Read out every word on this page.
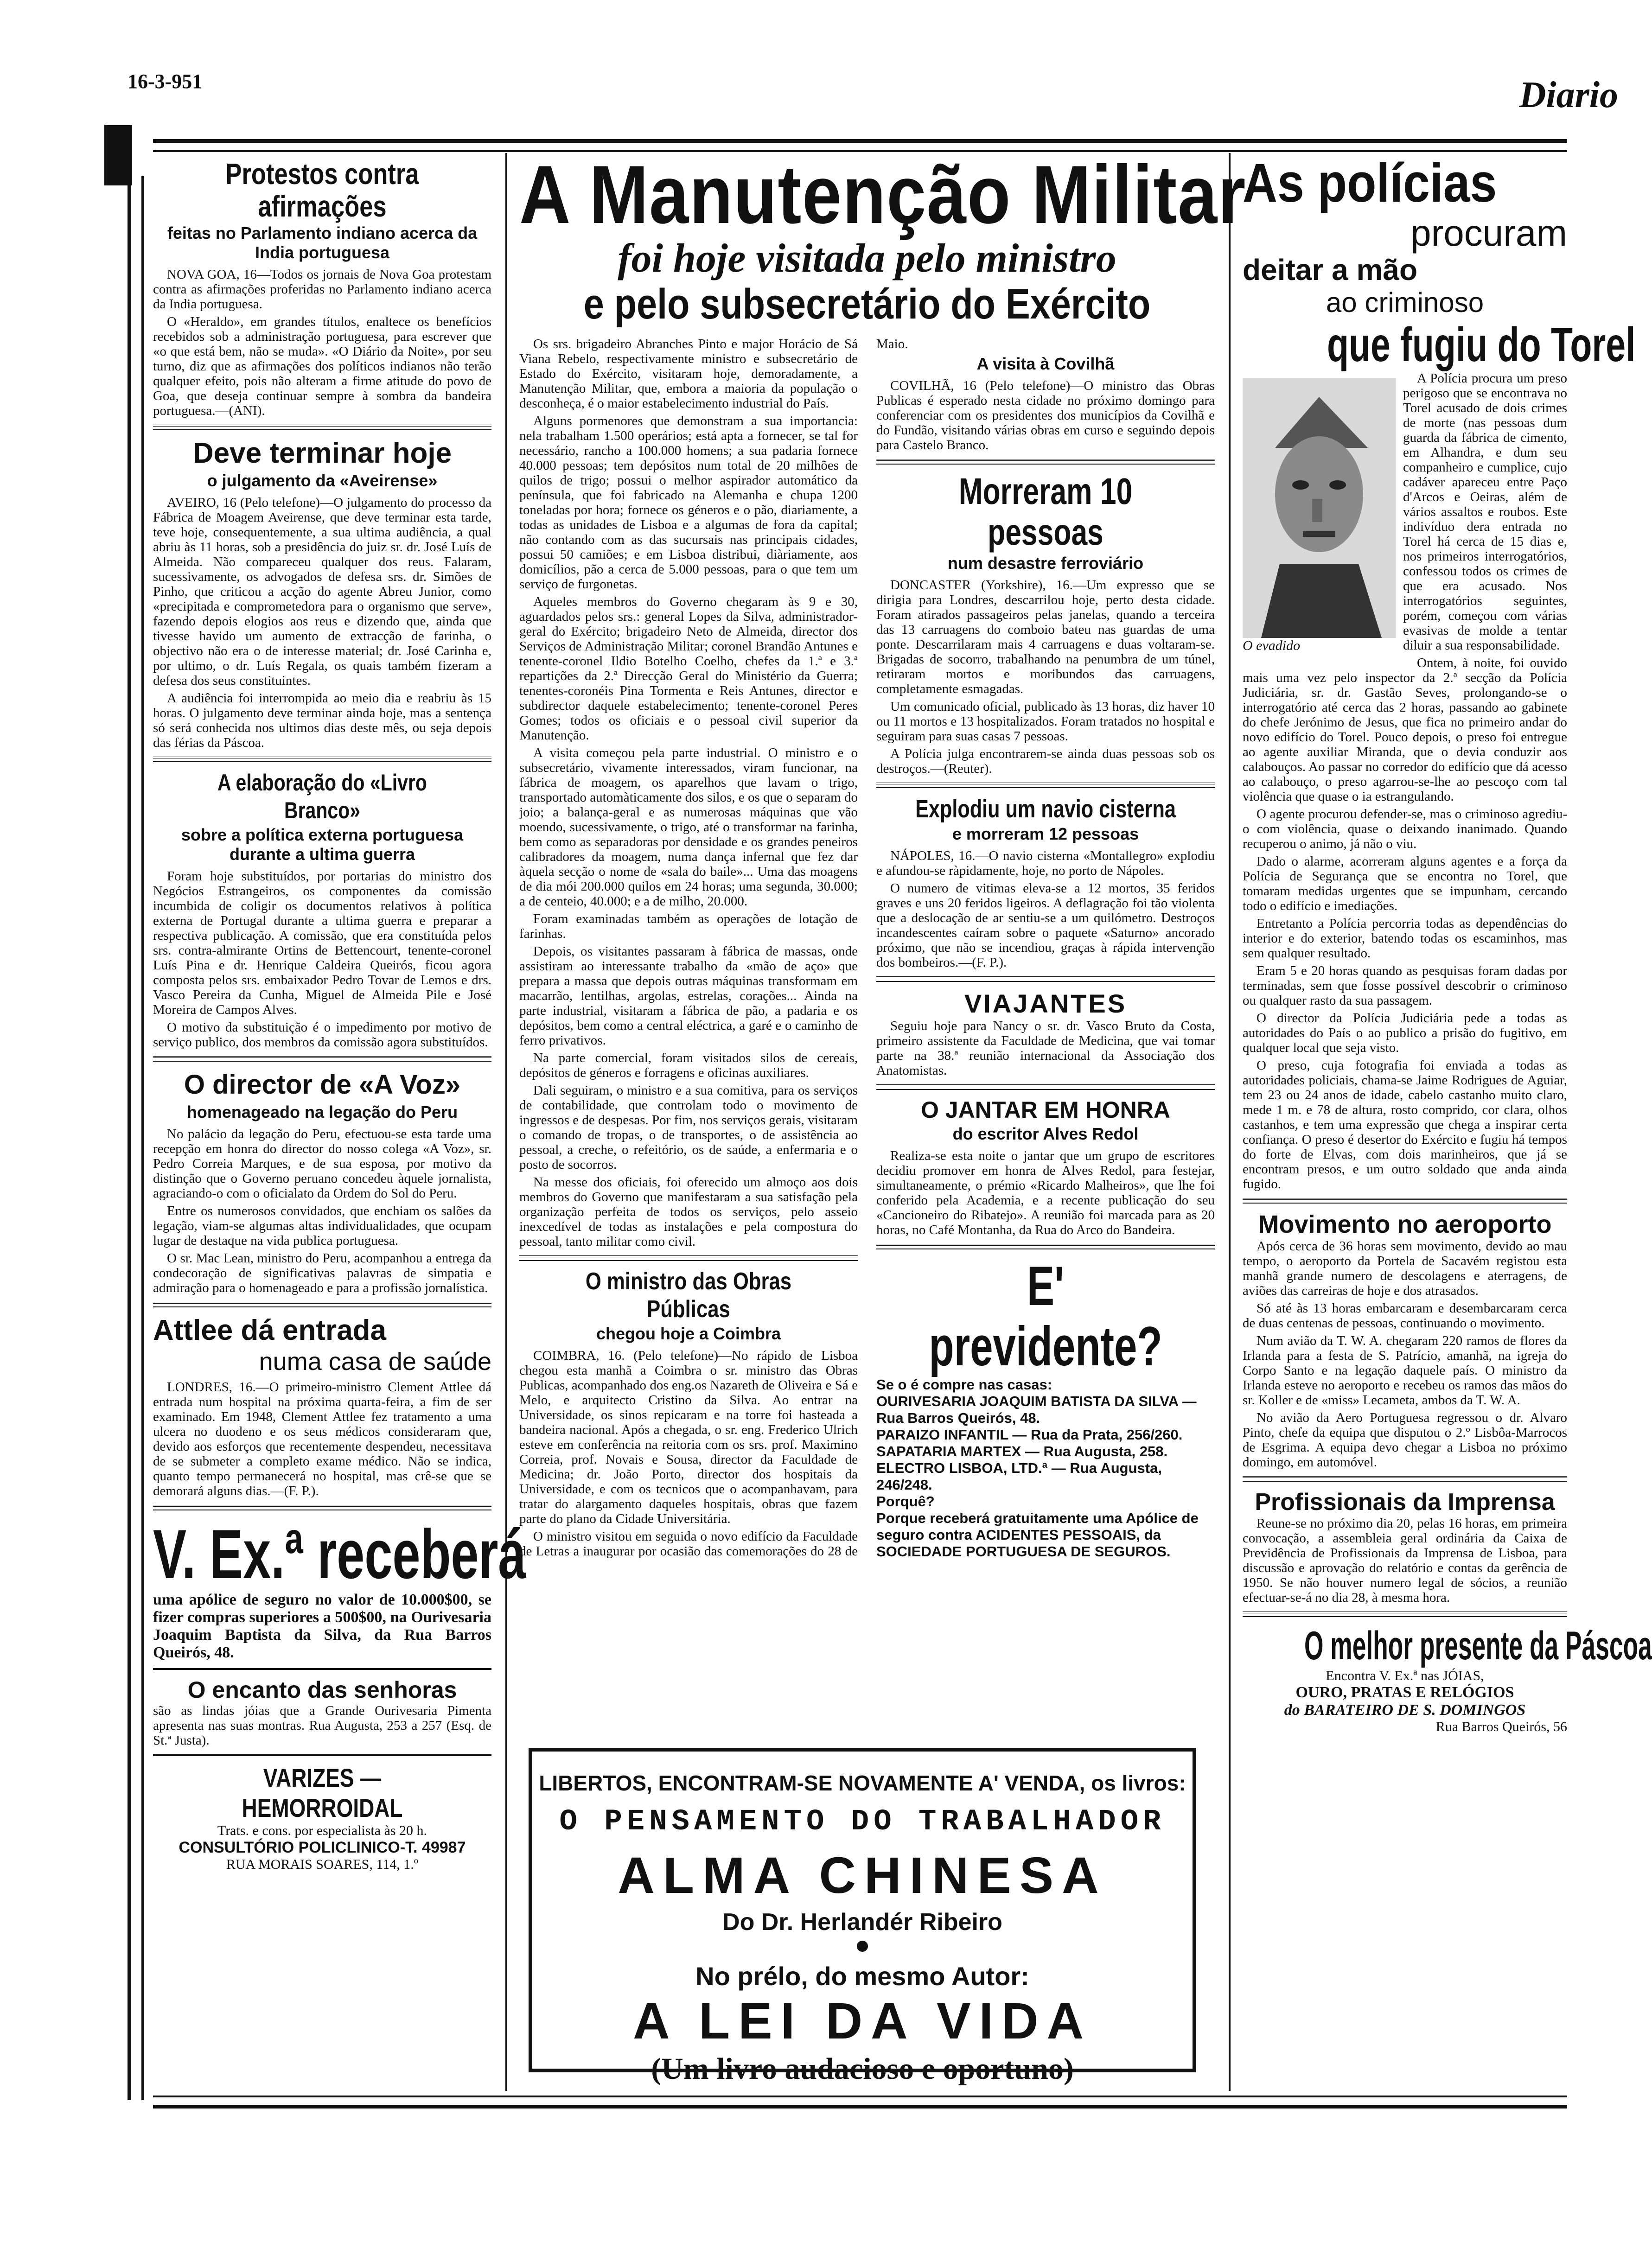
16-3-951	Diario
Protestos contra afirmações
feitas no Parlamento indiano acerca da India portuguesa

NOVA GOA, 16—Todos os jornais de Nova Goa protestam contra as afirmações proferidas no Parlamento indiano acerca da India portuguesa.

O «Heraldo», em grandes títulos, enaltece os benefícios recebidos sob a administração portuguesa, para escrever que «o que está bem, não se muda». «O Diário da Noite», por seu turno, diz que as afirmações dos políticos indianos não terão qualquer efeito, pois não alteram a firme atitude do povo de Goa, que deseja continuar sempre à sombra da bandeira portuguesa.—(ANI).

Deve terminar hoje
o julgamento da «Aveirense»

AVEIRO, 16 (Pelo telefone)—O julgamento do processo da Fábrica de Moagem Aveirense, que deve terminar esta tarde, teve hoje, consequentemente, a sua ultima audiência, a qual abriu às 11 horas, sob a presidência do juiz sr. dr. José Luís de Almeida. Não compareceu qualquer dos reus. Falaram, sucessivamente, os advogados de defesa srs. dr. Simões de Pinho, que criticou a acção do agente Abreu Junior, como «precipitada e comprometedora para o organismo que serve», fazendo depois elogios aos reus e dizendo que, ainda que tivesse havido um aumento de extracção de farinha, o objectivo não era o de interesse material; dr. José Carinha e, por ultimo, o dr. Luís Regala, os quais também fizeram a defesa dos seus constituintes.

A audiência foi interrompida ao meio dia e reabriu às 15 horas. O julgamento deve terminar ainda hoje, mas a sentença só será conhecida nos ultimos dias deste mês, ou seja depois das férias da Páscoa.

A elaboração do «Livro Branco»
sobre a política externa portuguesa durante a ultima guerra

Foram hoje substituídos, por portarias do ministro dos Negócios Estrangeiros, os componentes da comissão incumbida de coligir os documentos relativos à política externa de Portugal durante a ultima guerra e preparar a respectiva publicação. A comissão, que era constituída pelos srs. contra-almirante Ortins de Bettencourt, tenente-coronel Luís Pina e dr. Henrique Caldeira Queirós, ficou agora composta pelos srs. embaixador Pedro Tovar de Lemos e drs. Vasco Pereira da Cunha, Miguel de Almeida Pile e José Moreira de Campos Alves.

O motivo da substituição é o impedimento por motivo de serviço publico, dos membros da comissão agora substituídos.

O director de «A Voz»
homenageado na legação do Peru

No palácio da legação do Peru, efectuou-se esta tarde uma recepção em honra do director do nosso colega «A Voz», sr. Pedro Correia Marques, e de sua esposa, por motivo da distinção que o Governo peruano concedeu àquele jornalista, agraciando-o com o oficialato da Ordem do Sol do Peru.

Entre os numerosos convidados, que enchiam os salões da legação, viam-se algumas altas individualidades, que ocupam lugar de destaque na vida publica portuguesa.

O sr. Mac Lean, ministro do Peru, acompanhou a entrega da condecoração de significativas palavras de simpatia e admiração para o homenageado e para a profissão jornalística.

Attlee dá entrada
numa casa de saúde

LONDRES, 16.—O primeiro-ministro Clement Attlee dá entrada num hospital na próxima quarta-feira, a fim de ser examinado. Em 1948, Clement Attlee fez tratamento a uma ulcera no duodeno e os seus médicos consideraram que, devido aos esforços que recentemente despendeu, necessitava de se submeter a completo exame médico. Não se indica, quanto tempo permanecerá no hospital, mas crê-se que se demorará alguns dias.—(F. P.).

V. Ex.ª receberá

uma apólice de seguro no valor de 10.000$00, se fizer compras superiores a 500$00, na Ourivesaria Joaquim Baptista da Silva, da Rua Barros Queirós, 48.

O encanto das senhoras

são as lindas jóias que a Grande Ourivesaria Pimenta apresenta nas suas montras. Rua Augusta, 253 a 257 (Esq. de St.ª Justa).

VARIZES — HEMORROIDAL
Trats. e cons. por especialista às 20 h.
CONSULTÓRIO POLICLINICO-T. 49987
RUA MORAIS SOARES, 114, 1.º
A Manutenção Militar
foi hoje visitada pelo ministro
e pelo subsecretário do Exército

Os srs. brigadeiro Abranches Pinto e major Horácio de Sá Viana Rebelo, respectivamente ministro e subsecretário de Estado do Exército, visitaram hoje, demoradamente, a Manutenção Militar, que, embora a maioria da população o desconheça, é o maior estabelecimento industrial do País.

Alguns pormenores que demonstram a sua importancia: nela trabalham 1.500 operários; está apta a fornecer, se tal for necessário, rancho a 100.000 homens; a sua padaria fornece 40.000 pessoas; tem depósitos num total de 20 milhões de quilos de trigo; possui o melhor aspirador automático da península, que foi fabricado na Alemanha e chupa 1200 toneladas por hora; fornece os géneros e o pão, diariamente, a todas as unidades de Lisboa e a algumas de fora da capital; não contando com as das sucursais nas principais cidades, possui 50 camiões; e em Lisboa distribui, diàriamente, aos domicílios, pão a cerca de 5.000 pessoas, para o que tem um serviço de furgonetas.

Aqueles membros do Governo chegaram às 9 e 30, aguardados pelos srs.: general Lopes da Silva, administrador-geral do Exército; brigadeiro Neto de Almeida, director dos Serviços de Administração Militar; coronel Brandão Antunes e tenente-coronel Ildio Botelho Coelho, chefes da 1.ª e 3.ª repartições da 2.ª Direcção Geral do Ministério da Guerra; tenentes-coronéis Pina Tormenta e Reis Antunes, director e subdirector daquele estabelecimento; tenente-coronel Peres Gomes; todos os oficiais e o pessoal civil superior da Manutenção.

A visita começou pela parte industrial. O ministro e o subsecretário, vivamente interessados, viram funcionar, na fábrica de moagem, os aparelhos que lavam o trigo, transportado automàticamente dos silos, e os que o separam do joio; a balança-geral e as numerosas máquinas que vão moendo, sucessivamente, o trigo, até o transformar na farinha, bem como as separadoras por densidade e os grandes peneiros calibradores da moagem, numa dança infernal que fez dar àquela secção o nome de «sala do baile»... Uma das moagens de dia mói 200.000 quilos em 24 horas; uma segunda, 30.000; a de centeio, 40.000; e a de milho, 20.000.

Foram examinadas também as operações de lotação de farinhas.

Depois, os visitantes passaram à fábrica de massas, onde assistiram ao interessante trabalho da «mão de aço» que prepara a massa que depois outras máquinas transformam em macarrão, lentilhas, argolas, estrelas, corações... Ainda na parte industrial, visitaram a fábrica de pão, a padaria e os depósitos, bem como a central eléctrica, a garé e o caminho de ferro privativos.

Na parte comercial, foram visitados silos de cereais, depósitos de géneros e forragens e oficinas auxiliares.

Dali seguiram, o ministro e a sua comitiva, para os serviços de contabilidade, que controlam todo o movimento de ingressos e de despesas. Por fim, nos serviços gerais, visitaram o comando de tropas, o de transportes, o de assistência ao pessoal, a creche, o refeitório, os de saúde, a enfermaria e o posto de socorros.

Na messe dos oficiais, foi oferecido um almoço aos dois membros do Governo que manifestaram a sua satisfação pela organização perfeita de todos os serviços, pelo asseio inexcedível de todas as instalações e pela compostura do pessoal, tanto militar como civil.

O ministro das Obras Públicas
chegou hoje a Coimbra

COIMBRA, 16. (Pelo telefone)—No rápido de Lisboa chegou esta manhã a Coimbra o sr. ministro das Obras Publicas, acompanhado dos eng.os Nazareth de Oliveira e Sá e Melo, e arquitecto Cristino da Silva. Ao entrar na Universidade, os sinos repicaram e na torre foi hasteada a bandeira nacional. Após a chegada, o sr. eng. Frederico Ulrich esteve em conferência na reitoria com os srs. prof. Maximino Correia, prof. Novais e Sousa, director da Faculdade de Medicina; dr. João Porto, director dos hospitais da Universidade, e com os tecnicos que o acompanhavam, para tratar do alargamento daqueles hospitais, obras que fazem parte do plano da Cidade Universitária.

O ministro visitou em seguida o novo edifício da Faculdade de Letras a inaugurar por ocasião das comemorações do 28 de Maio.

A visita à Covilhã

COVILHÃ, 16 (Pelo telefone)—O ministro das Obras Publicas é esperado nesta cidade no próximo domingo para conferenciar com os presidentes dos municípios da Covilhã e do Fundão, visitando várias obras em curso e seguindo depois para Castelo Branco.

Morreram 10 pessoas
num desastre ferroviário

DONCASTER (Yorkshire), 16.—Um expresso que se dirigia para Londres, descarrilou hoje, perto desta cidade. Foram atirados passageiros pelas janelas, quando a terceira das 13 carruagens do comboio bateu nas guardas de uma ponte. Descarrilaram mais 4 carruagens e duas voltaram-se. Brigadas de socorro, trabalhando na penumbra de um túnel, retiraram mortos e moribundos das carruagens, completamente esmagadas.

Um comunicado oficial, publicado às 13 horas, diz haver 10 ou 11 mortos e 13 hospitalizados. Foram tratados no hospital e seguiram para suas casas 7 pessoas.

A Polícia julga encontrarem-se ainda duas pessoas sob os destroços.—(Reuter).

Explodiu um navio cisterna
e morreram 12 pessoas

NÁPOLES, 16.—O navio cisterna «Montallegro» explodiu e afundou-se ràpidamente, hoje, no porto de Nápoles.

O numero de vitimas eleva-se a 12 mortos, 35 feridos graves e uns 20 feridos ligeiros. A deflagração foi tão violenta que a deslocação de ar sentiu-se a um quilómetro. Destroços incandescentes caíram sobre o paquete «Saturno» ancorado próximo, que não se incendiou, graças à rápida intervenção dos bombeiros.—(F. P.).

VIAJANTES

Seguiu hoje para Nancy o sr. dr. Vasco Bruto da Costa, primeiro assistente da Faculdade de Medicina, que vai tomar parte na 38.ª reunião internacional da Associação dos Anatomistas.

O JANTAR EM HONRA
do escritor Alves Redol

Realiza-se esta noite o jantar que um grupo de escritores decidiu promover em honra de Alves Redol, para festejar, simultaneamente, o prémio «Ricardo Malheiros», que lhe foi conferido pela Academia, e a recente publicação do seu «Cancioneiro do Ribatejo». A reunião foi marcada para as 20 horas, no Café Montanha, da Rua do Arco do Bandeira.

E' previdente?
Se o é compre nas casas:
OURIVESARIA JOAQUIM BATISTA DA SILVA — Rua Barros Queirós, 48.
PARAIZO INFANTIL — Rua da Prata, 256/260.
SAPATARIA MARTEX — Rua Augusta, 258.
ELECTRO LISBOA, LTD.ª — Rua Augusta, 246/248.
Porquê?
Porque receberá gratuitamente uma Apólice de seguro contra ACIDENTES PESSOAIS, da SOCIEDADE PORTUGUESA DE SEGUROS.
LIBERTOS, ENCONTRAM-SE NOVAMENTE A' VENDA, os livros:
O PENSAMENTO DO TRABALHADOR
ALMA CHINESA
Do Dr. Herlandér Ribeiro
No prélo, do mesmo Autor:
A LEI DA VIDA
(Um livro audacioso e oportuno)
As polícias
procuram
deitar a mão
ao criminoso
que fugiu do Torel
O evadido

A Polícia procura um preso perigoso que se encontrava no Torel acusado de dois crimes de morte (nas pessoas dum guarda da fábrica de cimento, em Alhandra, e dum seu companheiro e cumplice, cujo cadáver apareceu entre Paço d'Arcos e Oeiras, além de vários assaltos e roubos. Este indivíduo dera entrada no Torel há cerca de 15 dias e, nos primeiros interrogatórios, confessou todos os crimes de que era acusado. Nos interrogatórios seguintes, porém, começou com várias evasivas de molde a tentar diluir a sua responsabilidade.

Ontem, à noite, foi ouvido mais uma vez pelo inspector da 2.ª secção da Polícia Judiciária, sr. dr. Gastão Seves, prolongando-se o interrogatório até cerca das 2 horas, passando ao gabinete do chefe Jerónimo de Jesus, que fica no primeiro andar do novo edifício do Torel. Pouco depois, o preso foi entregue ao agente auxiliar Miranda, que o devia conduzir aos calabouços. Ao passar no corredor do edifício que dá acesso ao calabouço, o preso agarrou-se-lhe ao pescoço com tal violência que quase o ia estrangulando.

O agente procurou defender-se, mas o criminoso agrediu-o com violência, quase o deixando inanimado. Quando recuperou o animo, já não o viu.

Dado o alarme, acorreram alguns agentes e a força da Polícia de Segurança que se encontra no Torel, que tomaram medidas urgentes que se impunham, cercando todo o edifício e imediações.

Entretanto a Polícia percorria todas as dependências do interior e do exterior, batendo todas os escaminhos, mas sem qualquer resultado.

Eram 5 e 20 horas quando as pesquisas foram dadas por terminadas, sem que fosse possível descobrir o criminoso ou qualquer rasto da sua passagem.

O director da Polícia Judiciária pede a todas as autoridades do País o ao publico a prisão do fugitivo, em qualquer local que seja visto.

O preso, cuja fotografia foi enviada a todas as autoridades policiais, chama-se Jaime Rodrigues de Aguiar, tem 23 ou 24 anos de idade, cabelo castanho muito claro, mede 1 m. e 78 de altura, rosto comprido, cor clara, olhos castanhos, e tem uma expressão que chega a inspirar certa confiança. O preso é desertor do Exército e fugiu há tempos do forte de Elvas, com dois marinheiros, que já se encontram presos, e um outro soldado que anda ainda fugido.

Movimento no aeroporto

Após cerca de 36 horas sem movimento, devido ao mau tempo, o aeroporto da Portela de Sacavém registou esta manhã grande numero de descolagens e aterragens, de aviões das carreiras de hoje e dos atrasados.

Só até às 13 horas embarcaram e desembarcaram cerca de duas centenas de pessoas, continuando o movimento.

Num avião da T. W. A. chegaram 220 ramos de flores da Irlanda para a festa de S. Patrício, amanhã, na igreja do Corpo Santo e na legação daquele país. O ministro da Irlanda esteve no aeroporto e recebeu os ramos das mãos do sr. Koller e de «miss» Lecameta, ambos da T. W. A.

No avião da Aero Portuguesa regressou o dr. Alvaro Pinto, chefe da equipa que disputou o 2.º Lisbôa-Marrocos de Esgrima. A equipa devo chegar a Lisboa no próximo domingo, em automóvel.

Profissionais da Imprensa

Reune-se no próximo dia 20, pelas 16 horas, em primeira convocação, a assembleia geral ordinária da Caixa de Previdência de Profissionais da Imprensa de Lisboa, para discussão e aprovação do relatório e contas da gerência de 1950. Se não houver numero legal de sócios, a reunião efectuar-se-á no dia 28, à mesma hora.

O melhor presente da Páscoa
Encontra V. Ex.ª nas JÓIAS,
OURO, PRATAS E RELÓGIOS
do BARATEIRO DE S. DOMINGOS
Rua Barros Queirós, 56
